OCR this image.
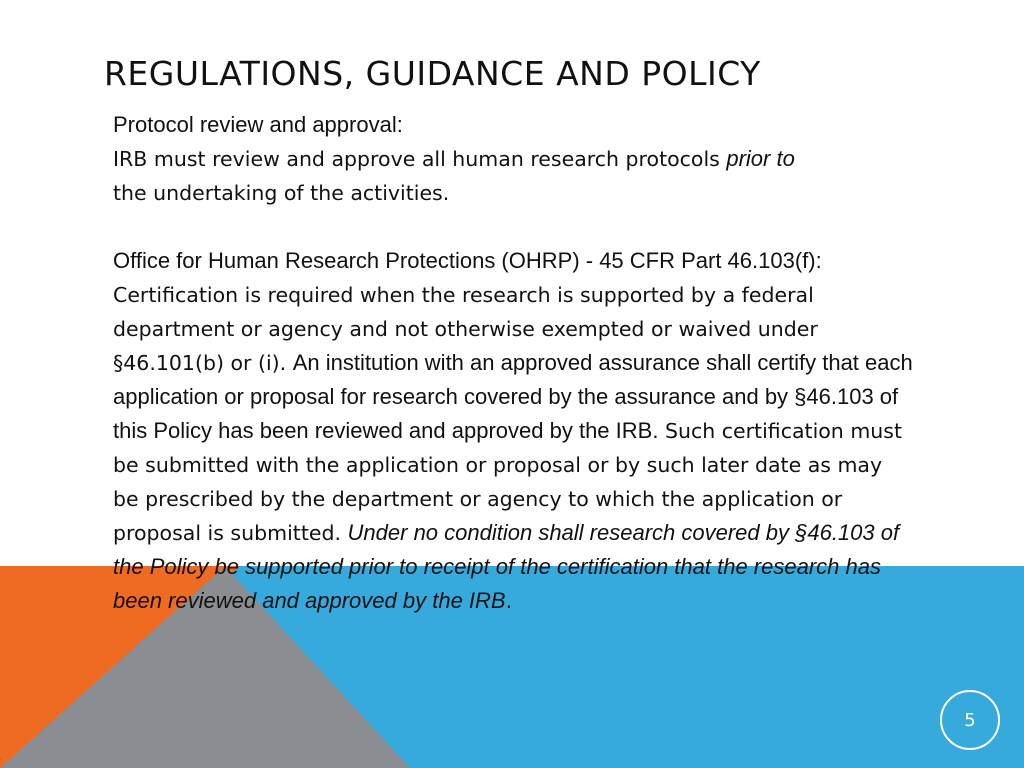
REGULATIONS, GUIDANCE AND POLICY

Protocol review and approval:
IRB must review and approve all human research protocols prior to
the undertaking of the activities.

Office for Human Research Protections (OHRP) - 45 CFR Part 46.103(f): Certification is required when the research is supported by a federal department or agency and not otherwise exempted or waived under §46.101(b) or (i). An institution with an approved assurance shall certify that each application or proposal for research covered by the assurance and by §46.103 of this Policy has been reviewed and approved by the IRB. Such certification must be submitted with the application or proposal or by such later date as may be prescribed by the department or agency to which the application or proposal is submitted. Under no condition shall research covered by §46.103 of the Policy be supported prior to receipt of the certification that the research has been reviewed and approved by the IRB.

5
